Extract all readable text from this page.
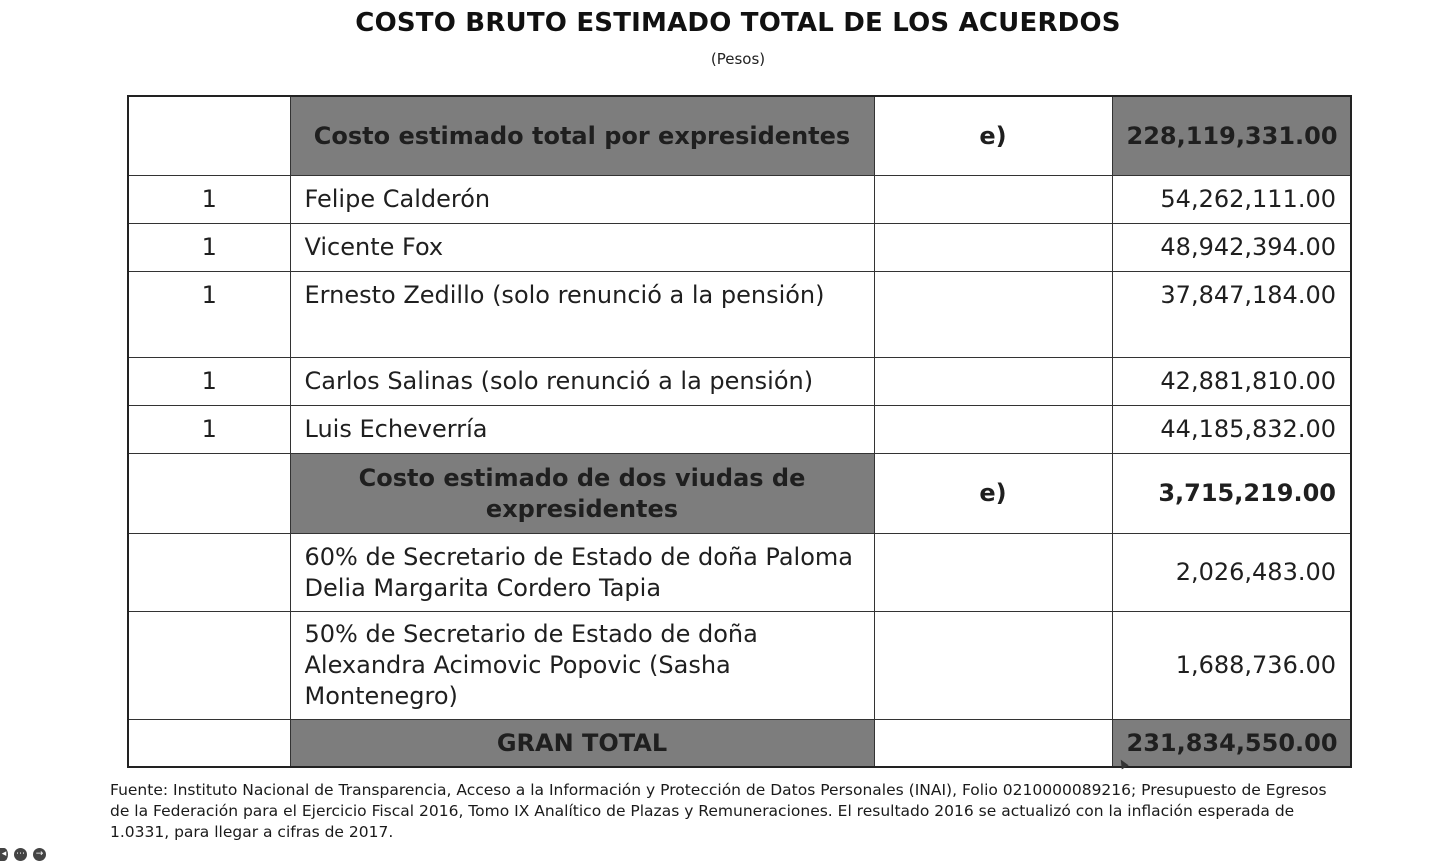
COSTO BRUTO ESTIMADO TOTAL DE LOS ACUERDOS
(Pesos)
	Costo estimado total por expresidentes	e)	228,119,331.00
1	Felipe Calderón		54,262,111.00
1	Vicente Fox		48,942,394.00
1	Ernesto Zedillo (solo renunció a la pensión)		37,847,184.00
1	Carlos Salinas (solo renunció a la pensión)		42,881,810.00
1	Luis Echeverría		44,185,832.00
	Costo estimado de dos viudas de expresidentes	e)	3,715,219.00
	60% de Secretario de Estado de doña Paloma Delia Margarita Cordero Tapia		2,026,483.00
	50% de Secretario de Estado de doña Alexandra Acimovic Popovic (Sasha Montenegro)		1,688,736.00
	GRAN TOTAL		231,834,550.00
Fuente: Instituto Nacional de Transparencia, Acceso a la Información y Protección de Datos Personales (INAI), Folio 0210000089216; Presupuesto de Egresos de la Federación para el Ejercicio Fiscal 2016, Tomo IX Analítico de Plazas y Remuneraciones. El resultado 2016 se actualizó con la inflación esperada de 1.0331, para llegar a cifras de 2017.
◂ ⋯	→
